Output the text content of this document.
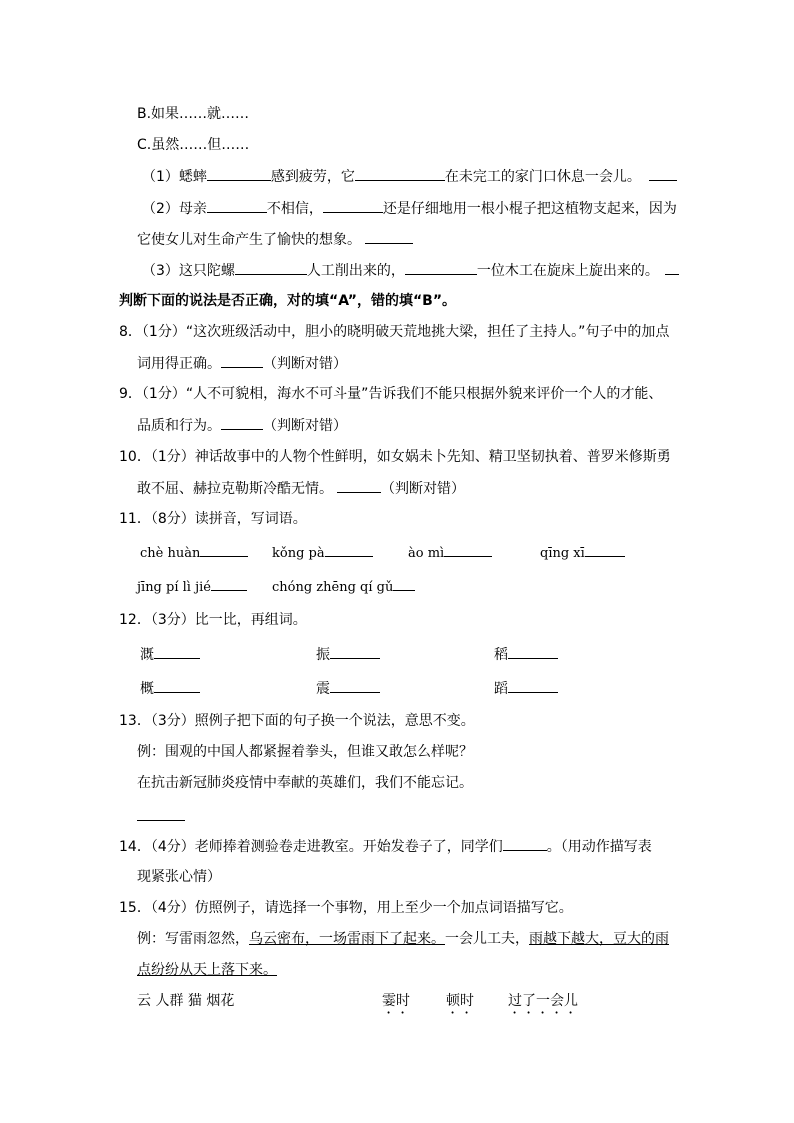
B.如果……就……
C.虽然……但……
（1）蟋蟀	感到疲劳，它	在未完工的家门口休息一会儿。
（2）母亲	不相信，	还是仔细地用一根小棍子把这植物支起来，因为
它使女儿对生命产生了愉快的想象。
（3）这只陀螺	人工削出来的，	一位木工在旋床上旋出来的。
判断下面的说法是否正确，对的填“A”，错的填“B”。
8．（1分）“这次班级活动中，胆小的晓明破天荒地挑大梁，担任了主持人。”句子中的加点
词用得正确。	（判断对错）
9．（1分）“人不可貌相，海水不可斗量”告诉我们不能只根据外貌来评价一个人的才能、
品质和行为。	（判断对错）
10．（1分）神话故事中的人物个性鲜明，如女娲未卜先知、精卫坚韧执着、普罗米修斯勇
敢不屈、赫拉克勒斯冷酷无情。	（判断对错）
11．（8分）读拼音，写词语。
chè huàn	kǒng pà	ào mì	qīng xī
jīng pí lì jié	chóng zhēng qí gǔ
12．（3分）比一比，再组词。
溉	振	稻
概	震	蹈
13．（3分）照例子把下面的句子换一个说法，意思不变。
例：围观的中国人都紧握着拳头，但谁又敢怎么样呢？
在抗击新冠肺炎疫情中奉献的英雄们，我们不能忘记。
14．（4分）老师捧着测验卷走进教室。开始发卷子了，同学们	。（用动作描写表
现紧张心情）
15．（4分）仿照例子，请选择一个事物，用上至少一个加点词语描写它。
例：写雷雨忽然，乌云密布，一场雷雨下了起来。一会儿工夫，雨越下越大，豆大的雨
点纷纷从天上落下来。
云 人群 猫 烟花	霎时	顿时 过了一会儿
